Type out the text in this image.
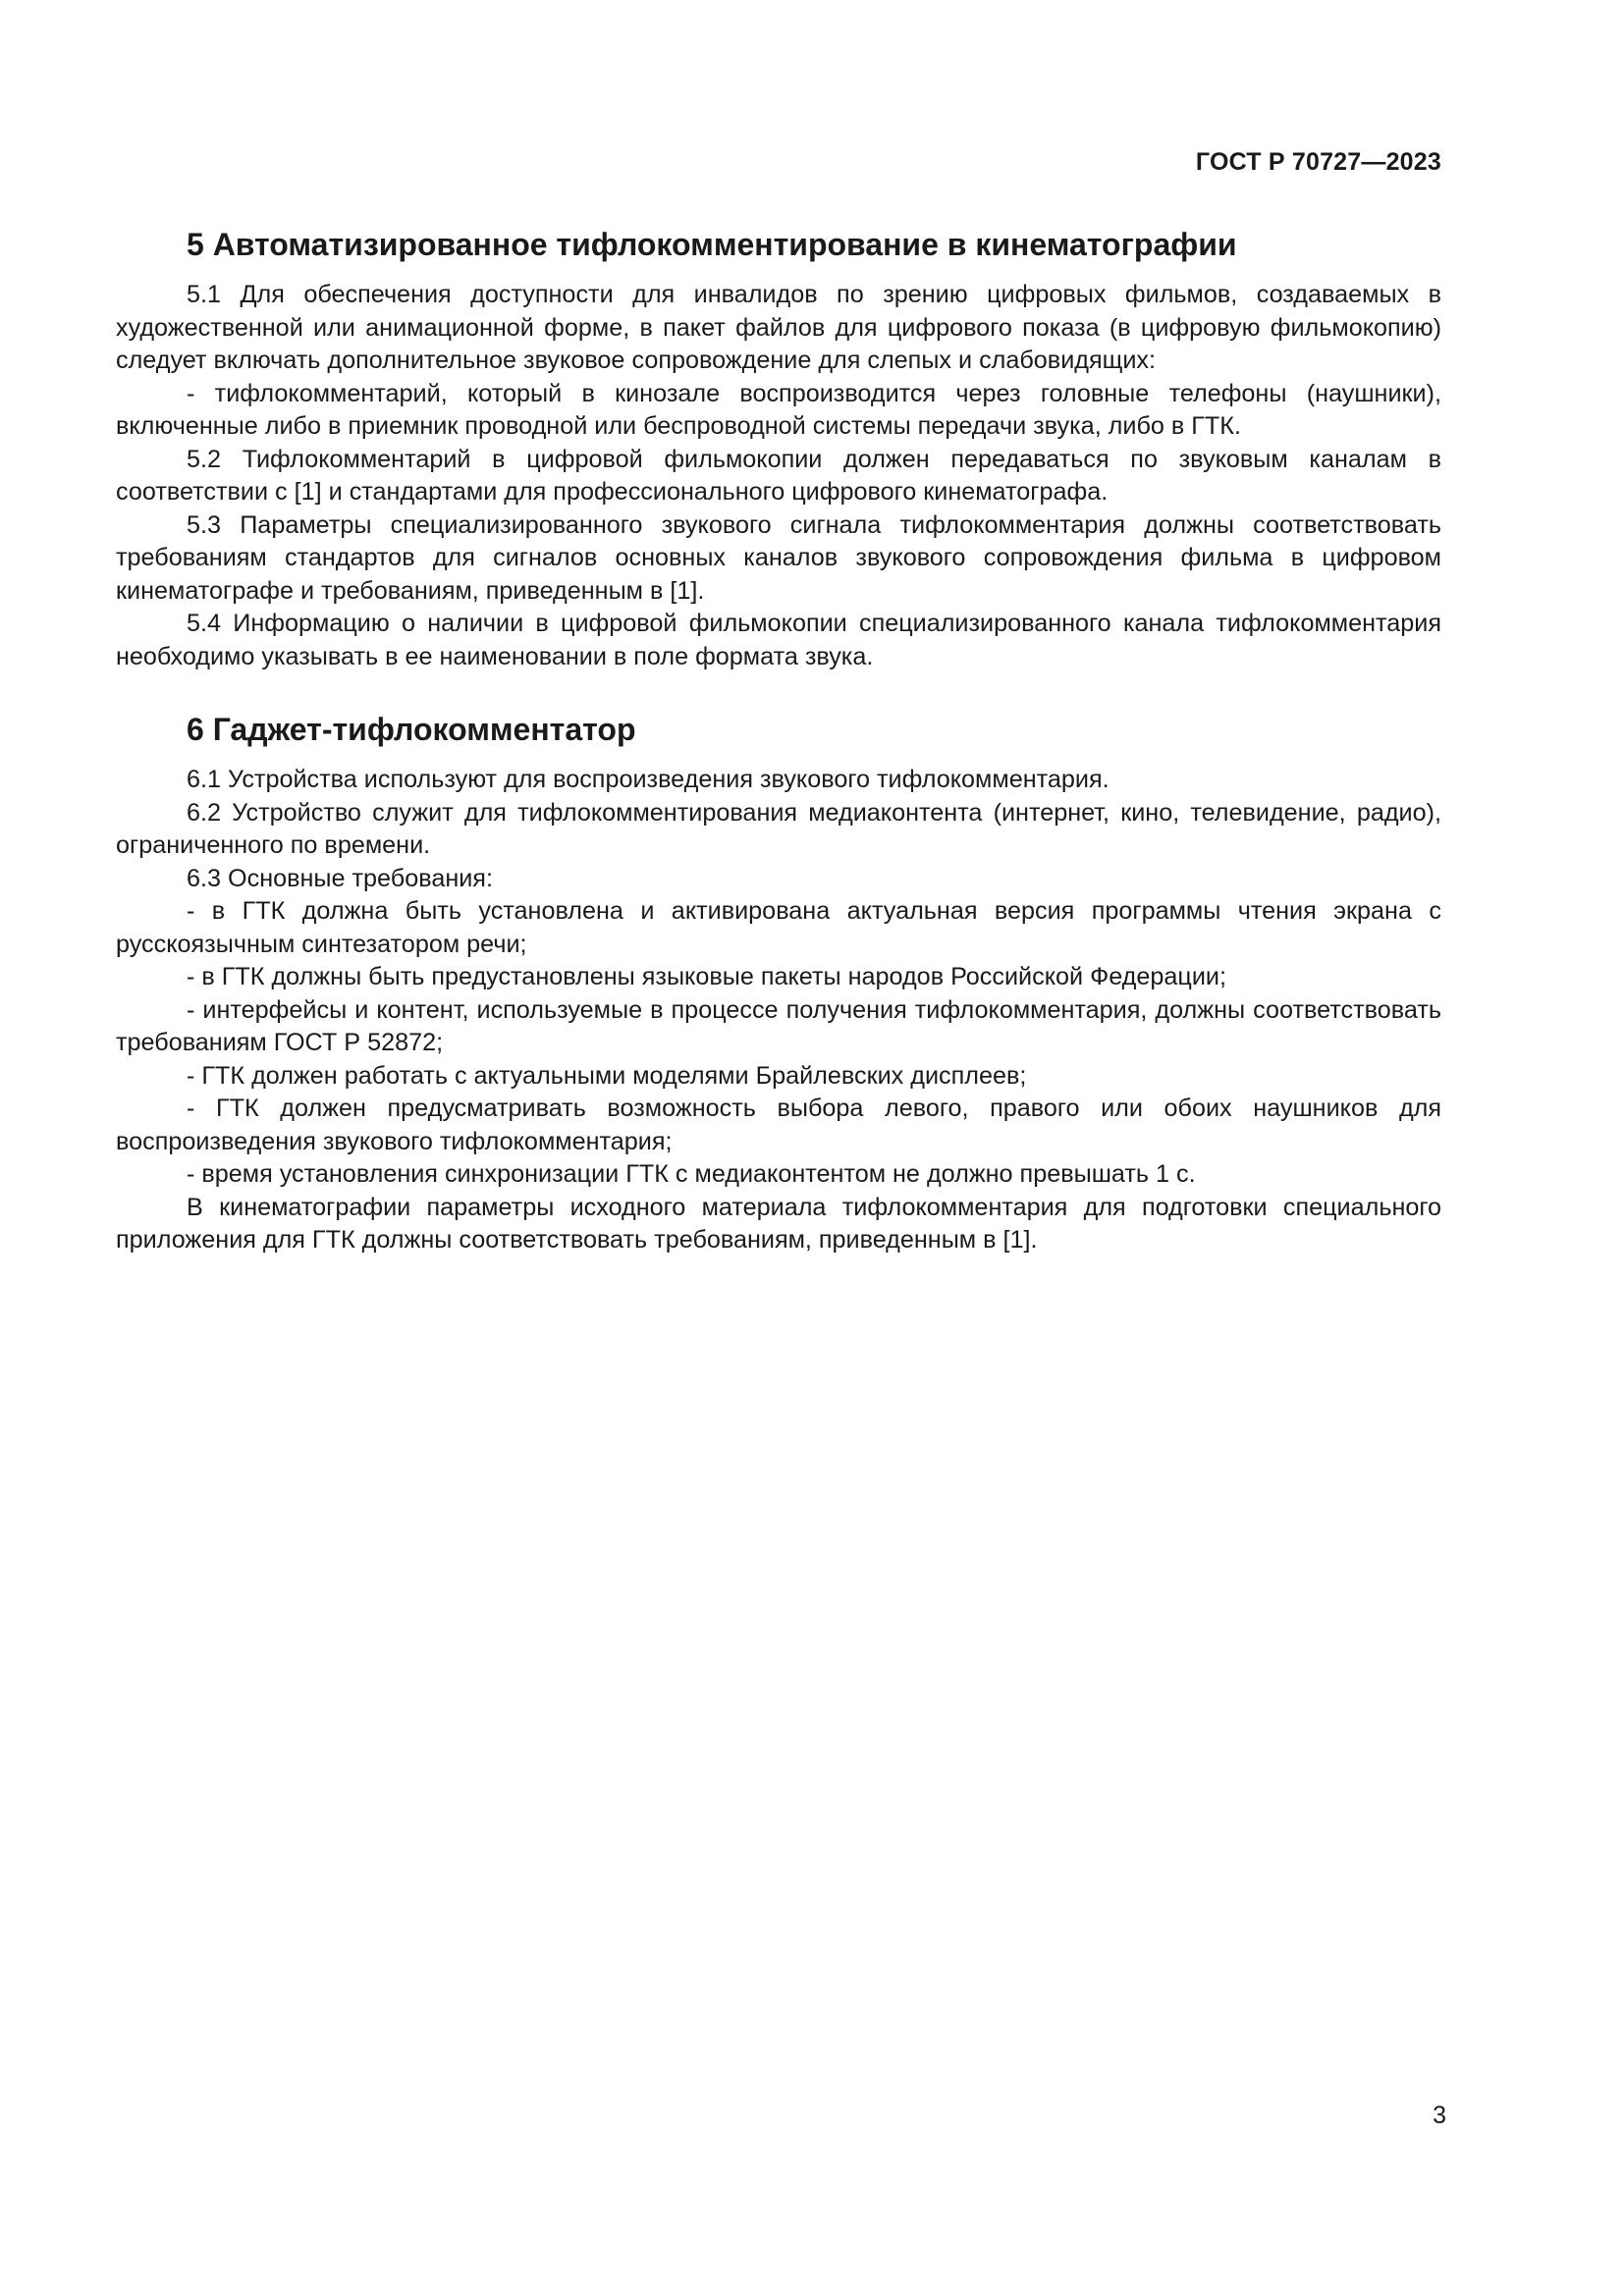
ГОСТ Р 70727—2023
5 Автоматизированное тифлокомментирование в кинематографии

5.1 Для обеспечения доступности для инвалидов по зрению цифровых фильмов, создаваемых в художественной или анимационной форме, в пакет файлов для цифрового показа (в цифровую фильмокопию) следует включать дополнительное звуковое сопровождение для слепых и слабовидящих:

- тифлокомментарий, который в кинозале воспроизводится через головные телефоны (наушники), включенные либо в приемник проводной или беспроводной системы передачи звука, либо в ГТК.

5.2 Тифлокомментарий в цифровой фильмокопии должен передаваться по звуковым каналам в соответствии с [1] и стандартами для профессионального цифрового кинематографа.

5.3 Параметры специализированного звукового сигнала тифлокомментария должны соответствовать требованиям стандартов для сигналов основных каналов звукового сопровождения фильма в цифровом кинематографе и требованиям, приведенным в [1].

5.4 Информацию о наличии в цифровой фильмокопии специализированного канала тифлокомментария необходимо указывать в ее наименовании в поле формата звука.

6 Гаджет-тифлокомментатор

6.1 Устройства используют для воспроизведения звукового тифлокомментария.

6.2 Устройство служит для тифлокомментирования медиаконтента (интернет, кино, телевидение, радио), ограниченного по времени.

6.3 Основные требования:

- в ГТК должна быть установлена и активирована актуальная версия программы чтения экрана с русскоязычным синтезатором речи;

- в ГТК должны быть предустановлены языковые пакеты народов Российской Федерации;

- интерфейсы и контент, используемые в процессе получения тифлокомментария, должны соответствовать требованиям ГОСТ Р 52872;

- ГТК должен работать с актуальными моделями Брайлевских дисплеев;

- ГТК должен предусматривать возможность выбора левого, правого или обоих наушников для воспроизведения звукового тифлокомментария;

- время установления синхронизации ГТК с медиаконтентом не должно превышать 1 с.

В кинематографии параметры исходного материала тифлокомментария для подготовки специального приложения для ГТК должны соответствовать требованиям, приведенным в [1].

3
